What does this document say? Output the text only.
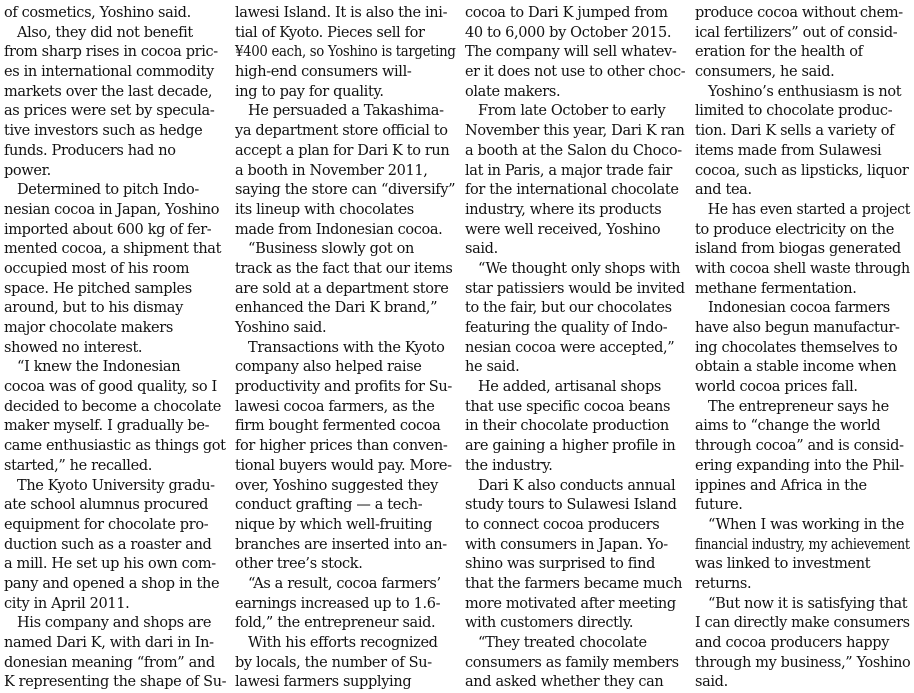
of cosmetics, Yoshino said.
Also, they did not benefit
from sharp rises in cocoa pric-
es in international commodity
markets over the last decade,
as prices were set by specula-
tive investors such as hedge
funds. Producers had no
power.
Determined to pitch Indo-
nesian cocoa in Japan, Yoshino
imported about 600 kg of fer-
mented cocoa, a shipment that
occupied most of his room
space. He pitched samples
around, but to his dismay
major chocolate makers
showed no interest.
“I knew the Indonesian
cocoa was of good quality, so I
decided to become a chocolate
maker myself. I gradually be-
came enthusiastic as things got
started,” he recalled.
The Kyoto University gradu-
ate school alumnus procured
equipment for chocolate pro-
duction such as a roaster and
a mill. He set up his own com-
pany and opened a shop in the
city in April 2011.
His company and shops are
named Dari K, with dari in In-
donesian meaning “from” and
K representing the shape of Su-
lawesi Island. It is also the ini-
tial of Kyoto. Pieces sell for
¥400 each, so Yoshino is targeting
high-end consumers will-
ing to pay for quality.
He persuaded a Takashima-
ya department store official to
accept a plan for Dari K to run
a booth in November 2011,
saying the store can “diversify”
its lineup with chocolates
made from Indonesian cocoa.
“Business slowly got on
track as the fact that our items
are sold at a department store
enhanced the Dari K brand,”
Yoshino said.
Transactions with the Kyoto
company also helped raise
productivity and profits for Su-
lawesi cocoa farmers, as the
firm bought fermented cocoa
for higher prices than conven-
tional buyers would pay. More-
over, Yoshino suggested they
conduct grafting — a tech-
nique by which well-fruiting
branches are inserted into an-
other tree’s stock.
“As a result, cocoa farmers’
earnings increased up to 1.6-
fold,” the entrepreneur said.
With his efforts recognized
by locals, the number of Su-
lawesi farmers supplying
cocoa to Dari K jumped from
40 to 6,000 by October 2015.
The company will sell whatev-
er it does not use to other choc-
olate makers.
From late October to early
November this year, Dari K ran
a booth at the Salon du Choco-
lat in Paris, a major trade fair
for the international chocolate
industry, where its products
were well received, Yoshino
said.
“We thought only shops with
star patissiers would be invited
to the fair, but our chocolates
featuring the quality of Indo-
nesian cocoa were accepted,”
he said.
He added, artisanal shops
that use specific cocoa beans
in their chocolate production
are gaining a higher profile in
the industry.
Dari K also conducts annual
study tours to Sulawesi Island
to connect cocoa producers
with consumers in Japan. Yo-
shino was surprised to find
that the farmers became much
more motivated after meeting
with customers directly.
“They treated chocolate
consumers as family members
and asked whether they can
produce cocoa without chem-
ical fertilizers” out of consid-
eration for the health of
consumers, he said.
Yoshino’s enthusiasm is not
limited to chocolate produc-
tion. Dari K sells a variety of
items made from Sulawesi
cocoa, such as lipsticks, liquor
and tea.
He has even started a project
to produce electricity on the
island from biogas generated
with cocoa shell waste through
methane fermentation.
Indonesian cocoa farmers
have also begun manufactur-
ing chocolates themselves to
obtain a stable income when
world cocoa prices fall.
The entrepreneur says he
aims to “change the world
through cocoa” and is consid-
ering expanding into the Phil-
ippines and Africa in the
future.
“When I was working in the
financial industry, my achievement
was linked to investment
returns.
“But now it is satisfying that
I can directly make consumers
and cocoa producers happy
through my business,” Yoshino
said.
